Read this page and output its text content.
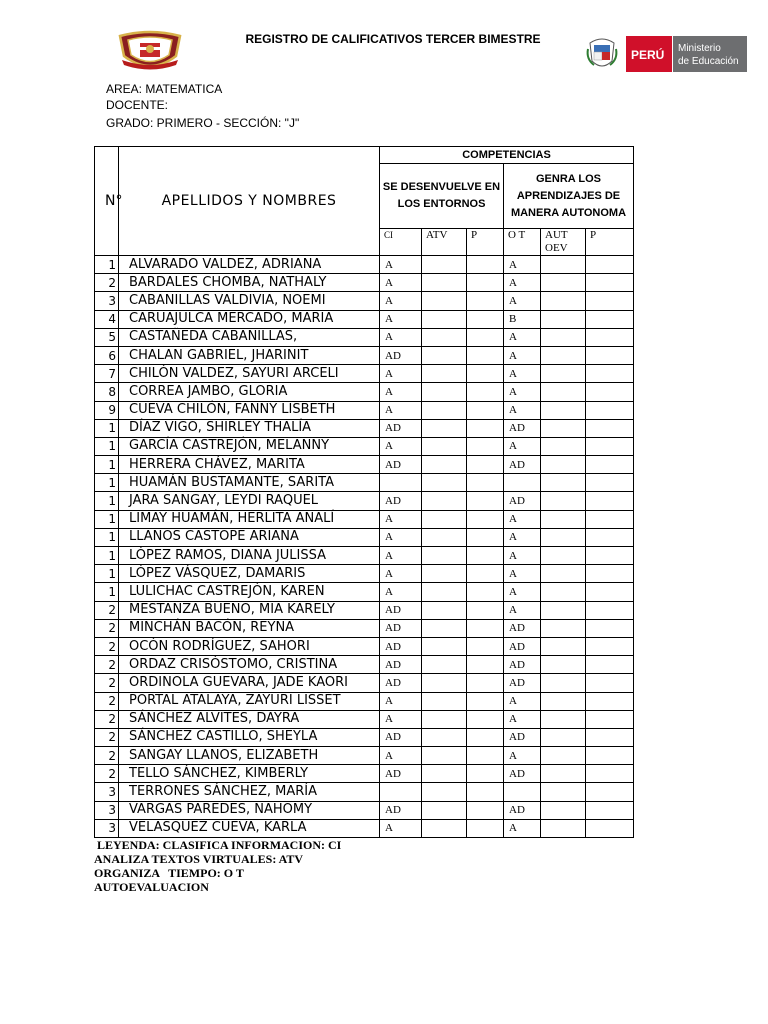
REGISTRO DE CALIFICATIVOS TERCER BIMESTRE
PERÚ Ministerio
de Educación
AREA: MATEMATICA
DOCENTE:
GRADO: PRIMERO - SECCIÓN: "J"
N°	APELLIDOS Y NOMBRES	COMPETENCIAS					
		SE DESENVUELVE EN LOS ENTORNOS			GENRA LOS APRENDIZAJES DE MANERA AUTONOMA		
		CI	ATV	P	O T	AUT OEV	P
1	ALVARADO VALDEZ, ADRIANA	A			A		
2	BARDALES CHOMBA, NATHALY	A			A		
3	CABANILLAS VALDIVIA, NOEMI	A			A		
4	CARUAJULCA MERCADO, MARIA	A			B		
5	CASTAÑEDA CABANILLAS,	A			A		
6	CHALAN GABRIEL, JHARINIT	AD			A		
7	CHILÓN VALDEZ, SAYURI ARCELI	A			A		
8	CORREA JAMBO, GLORIA	A			A		
9	CUEVA CHILÓN, FANNY LISBETH	A			A		
1	DÍAZ VIGO, SHIRLEY THALÍA	AD			AD		
1	GARCÍA CASTREJÓN, MELANNY	A			A		
1	HERRERA CHÁVEZ, MARITA	AD			AD		
1	HUAMÁN BUSTAMANTE, SARITA						
1	JARA SANGAY, LEYDI RAQUEL	AD			AD		
1	LIMAY HUAMÁN, HERLITA ANALÍ	A			A		
1	LLANOS CASTOPE ARIANA	A			A		
1	LÓPEZ RAMOS, DIANA JULISSA	A			A		
1	LÓPEZ VÁSQUEZ, DAMARIS	A			A		
1	LULICHAC CASTREJÓN, KAREN	A			A		
2	MESTANZA BUENO, MIA KARELY	AD			A		
2	MINCHÁN BACÓN, REYNA	AD			AD		
2	OCÓN RODRÍGUEZ, SAHORI	AD			AD		
2	ORDAZ CRISÓSTOMO, CRISTINA	AD			AD		
2	ORDINOLA GUEVARA, JADE KAORI	AD			AD		
2	PORTAL ATALAYA, ZAYURI LISSET	A			A		
2	SÁNCHEZ ALVITES, DAYRA	A			A		
2	SÁNCHEZ CASTILLO, SHEYLA	AD			AD		
2	SANGAY LLANOS, ELIZABETH	A			A		
2	TELLO SÁNCHEZ, KIMBERLY	AD			AD		
3	TERRONES SÁNCHEZ, MARÍA						
3	VARGAS PAREDES, NAHOMY	AD			AD		
3	VELASQUEZ CUEVA, KARLA	A			A		
LEYENDA: CLASIFICA INFORMACION: CI
ANALIZA TEXTOS VIRTUALES: ATV
ORGANIZA   TIEMPO: O T
AUTOEVALUACION
